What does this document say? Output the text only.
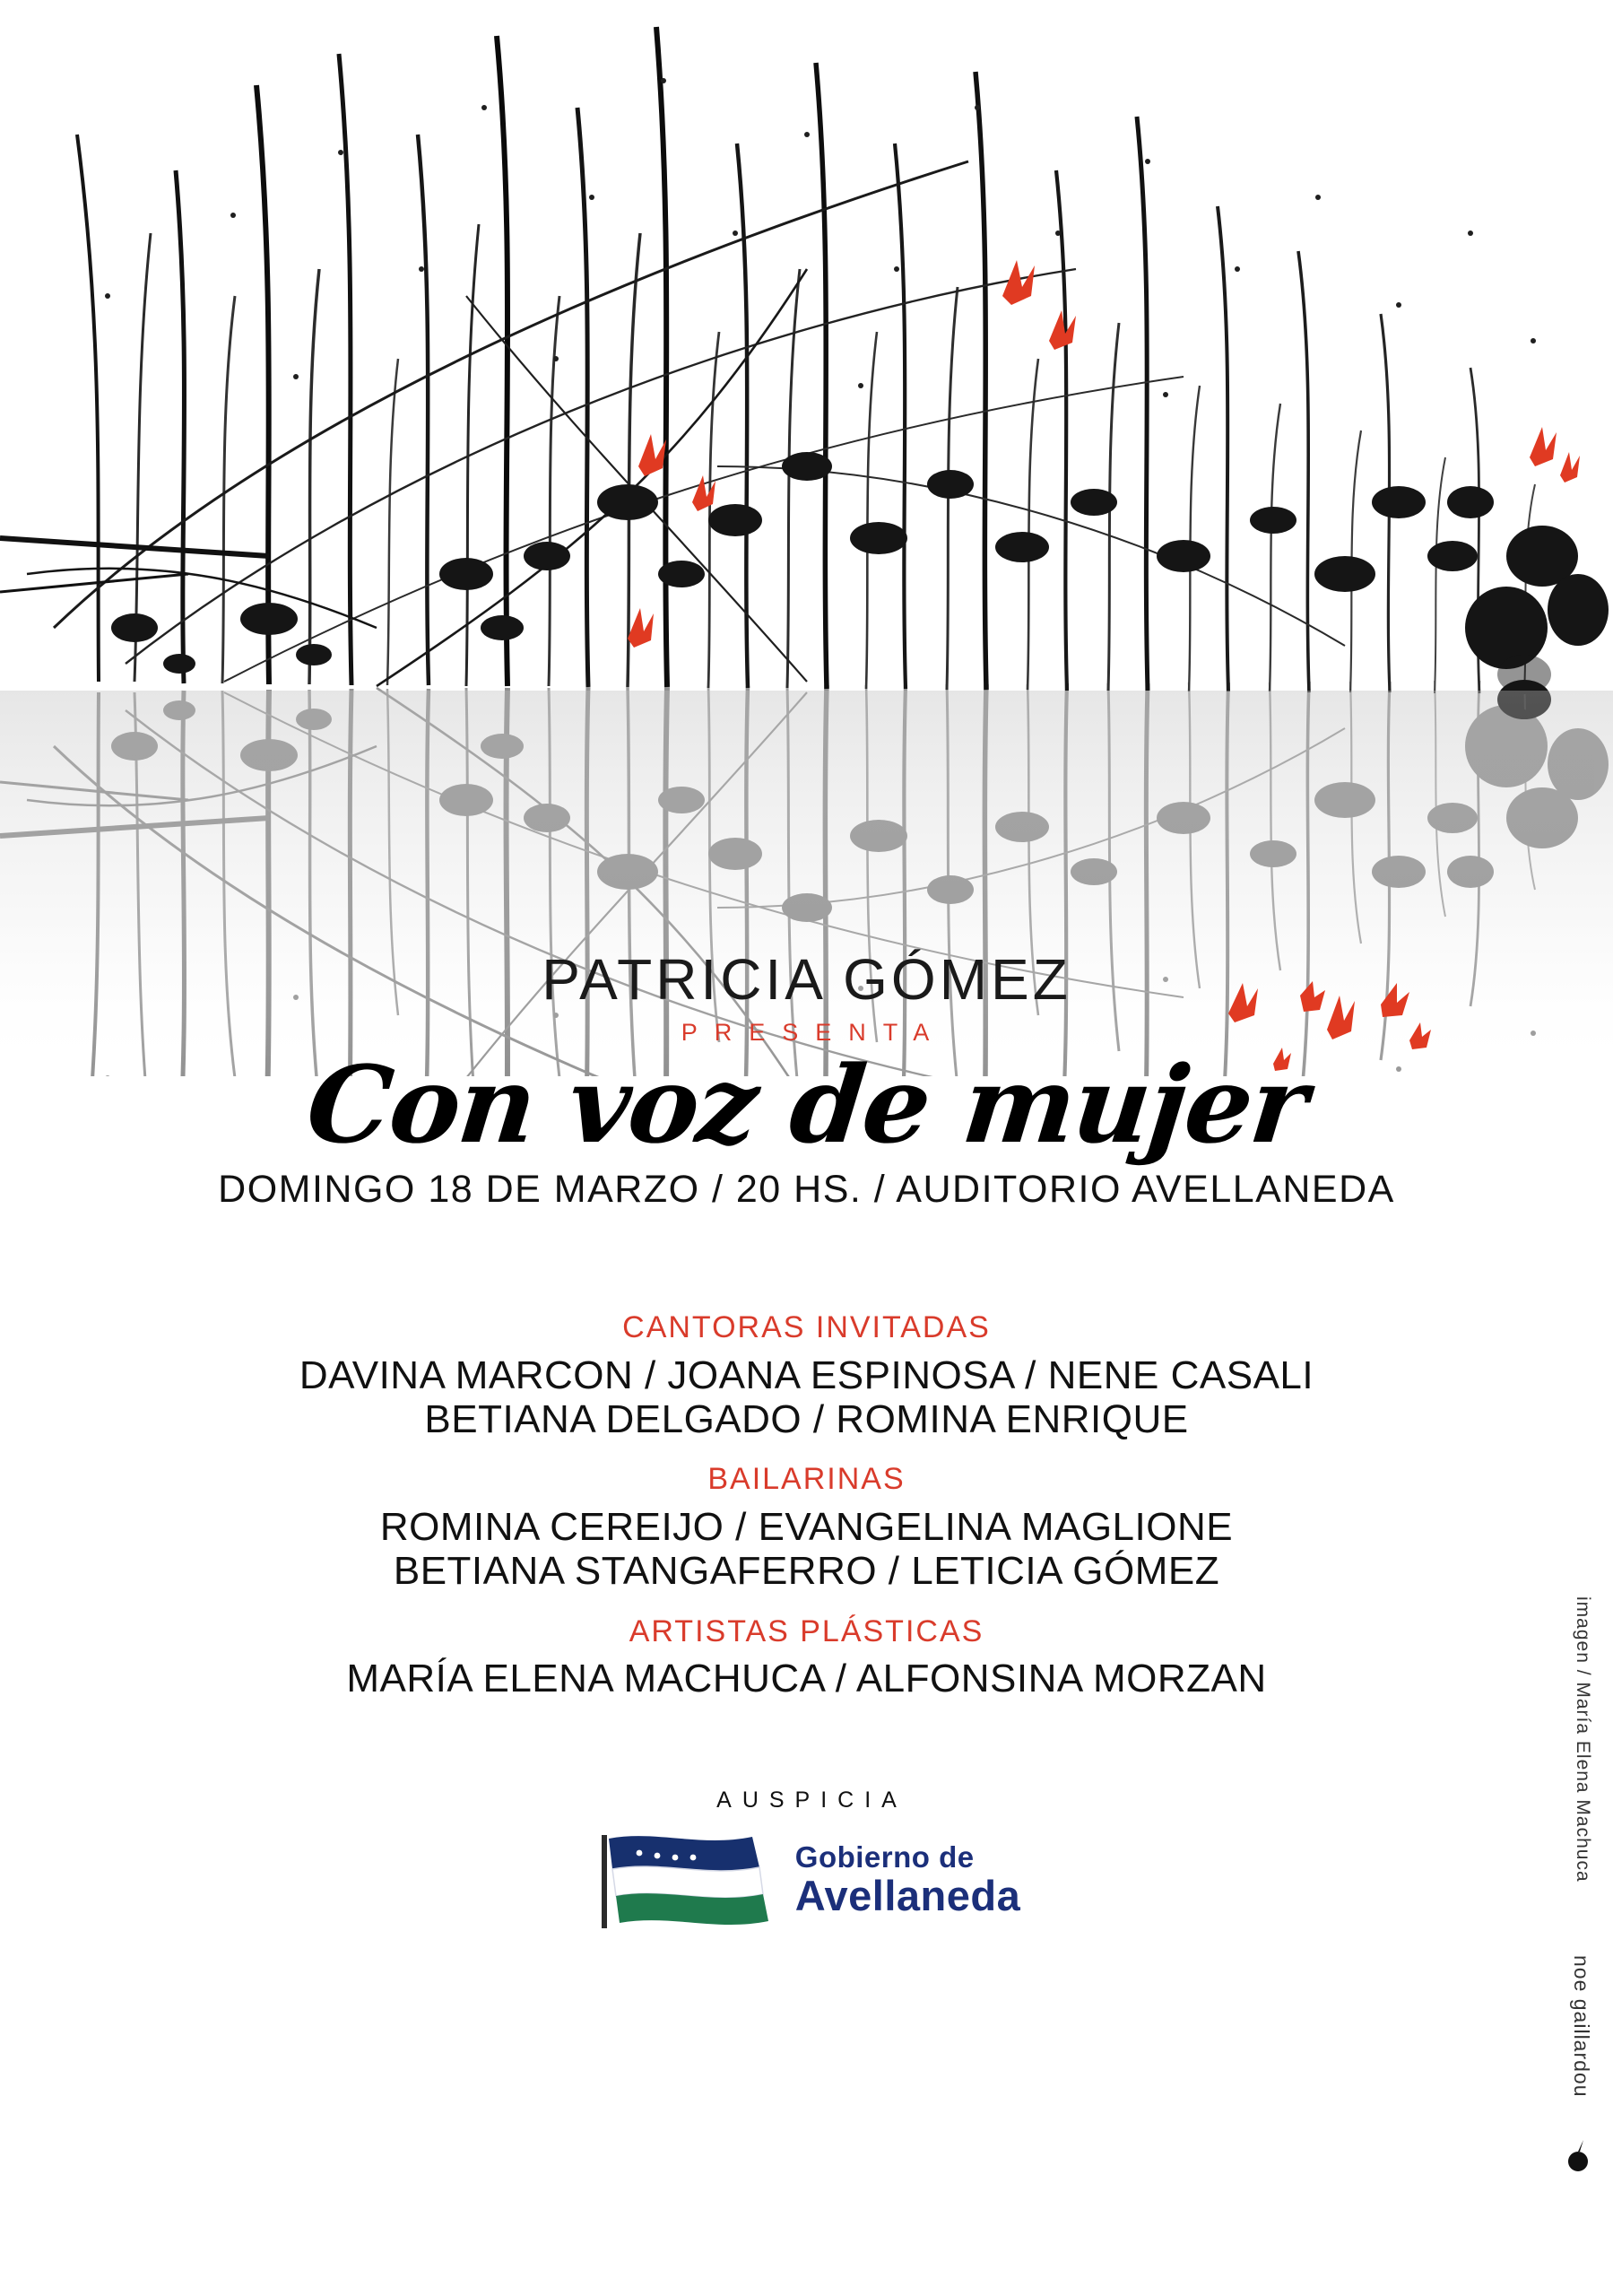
PATRICIA GÓMEZ
PRESENTA
Con voz de mujer
DOMINGO 18 DE MARZO / 20 HS. / AUDITORIO AVELLANEDA
CANTORAS INVITADAS
DAVINA MARCON / JOANA ESPINOSA / NENE CASALI
BETIANA DELGADO / ROMINA ENRIQUE
BAILARINAS
ROMINA CEREIJO / EVANGELINA MAGLIONE
BETIANA STANGAFERRO / LETICIA GÓMEZ
ARTISTAS PLÁSTICAS
MARÍA ELENA MACHUCA / ALFONSINA MORZAN
AUSPICIA
Gobierno de
Avellaneda
imagen / María Elena Machuca
noe gaillardou
